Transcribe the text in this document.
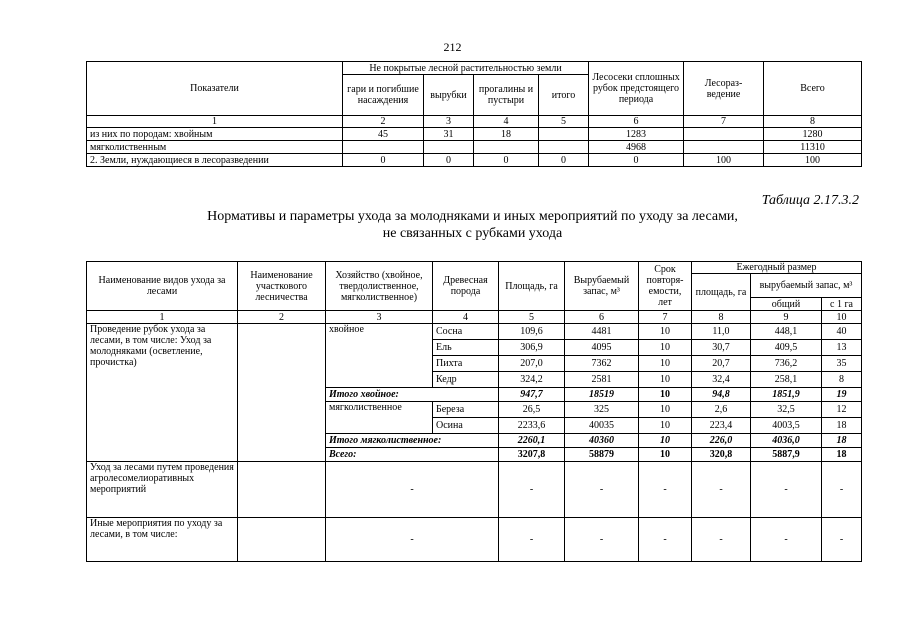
212
Показатели	Не покрытые лесной растительностью земли				Лесосеки сплошных рубок предстоящего периода	Лесораз- ведение	Всего
	гари и погибшие насаждения	вырубки	прогалины и пустыри	итого			
1	2	3	4	5	6	7	8
из них по породам: хвойным	45	31	18		1283		1280
мягколиственным					4968		11310
2. Земли, нуждающиеся в лесоразведении	0	0	0	0	0	100	100
Таблица 2.17.3.2
Нормативы и параметры ухода за молодняками и иных мероприятий по уходу за лесами,
не связанных с рубками ухода
Наименование видов ухода за лесами	Наименование участкового лесничества	Хозяйство (хвойное, твердолиственное, мягколиственное)	Древесная порода	Площадь, га	Вырубаемый запас, м³	Срок повторя- емости, лет	Ежегодный размер		
							площадь, га	вырубаемый запас, м³	
								общий	с 1 га
1	2	3	4	5	6	7	8	9	10
Проведение рубок ухода за лесами, в том числе: Уход за молодняками (осветление, прочистка)		хвойное	Сосна	109,6	4481	10	11,0	448,1	40
			Ель	306,9	4095	10	30,7	409,5	13
			Пихта	207,0	7362	10	20,7	736,2	35
			Кедр	324,2	2581	10	32,4	258,1	8
		Итого хвойное:		947,7	18519	10	94,8	1851,9	19
		мягколиственное	Береза	26,5	325	10	2,6	32,5	12
			Осина	2233,6	40035	10	223,4	4003,5	18
		Итого мягколиственное:		2260,1	40360	10	226,0	4036,0	18
		Всего:		3207,8	58879	10	320,8	5887,9	18
Уход за лесами путем проведения агролесомелиоративных мероприятий		-		-	-	-	-	-	-
Иные мероприятия по уходу за лесами, в том числе:		-		-	-	-	-	-	-
